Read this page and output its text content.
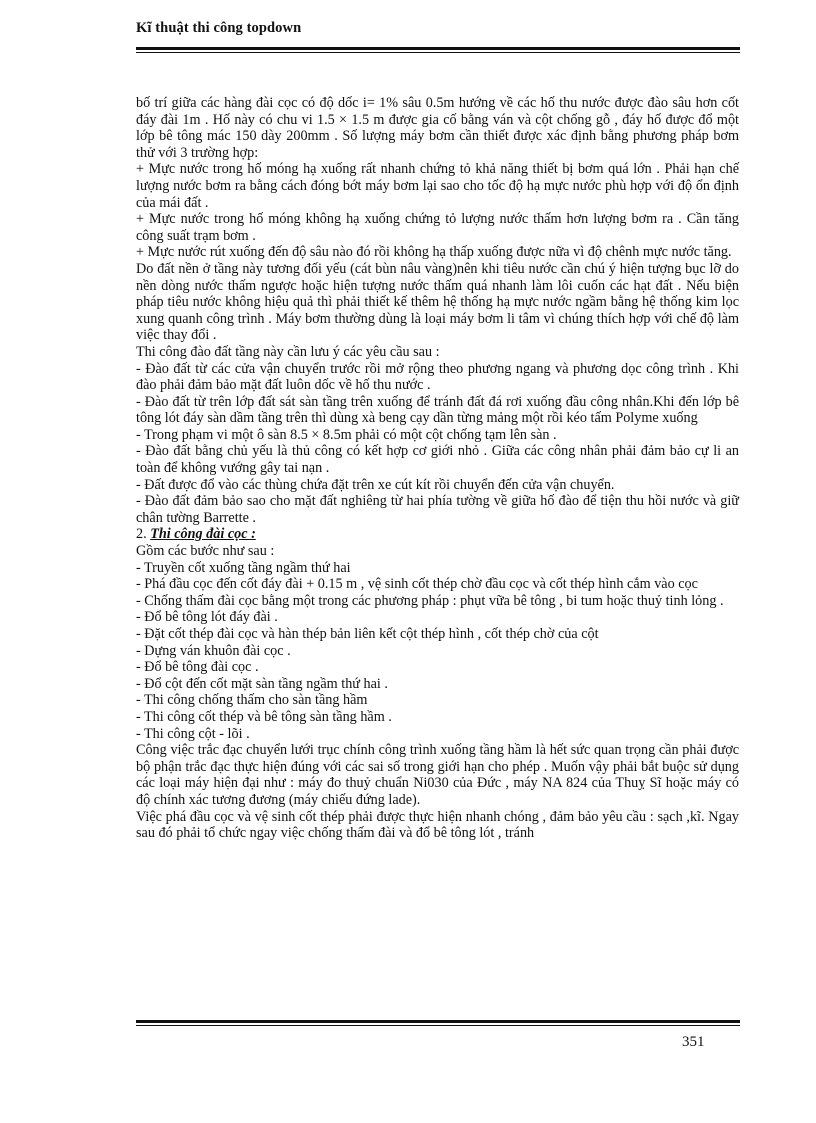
Kĩ thuật thi công topdown

bố trí giữa các hàng đài cọc có độ dốc i= 1% sâu 0.5m hướng về các hố thu nước được đào sâu hơn cốt đáy đài 1m . Hố này có chu vi 1.5 × 1.5 m được gia cố bằng ván và cột chống gỗ , đáy hố được đổ một lớp bê tông mác 150 dày 200mm . Số lượng máy bơm cần thiết được xác định bằng phương pháp bơm thử với 3 trường hợp:

+ Mực nước trong hố móng hạ xuống rất nhanh chứng tỏ khả năng thiết bị bơm quá lớn . Phải hạn chế lượng nước bơm ra bằng cách đóng bớt máy bơm lại sao cho tốc độ hạ mực nước phù hợp với độ ổn định của mái đất .

+ Mực nước trong hố móng không hạ xuống chứng tỏ lượng nước thấm hơn lượng bơm ra . Cần tăng công suất trạm bơm .

+ Mực nước rút xuống đến độ sâu nào đó rồi không hạ thấp xuống được nữa vì độ chênh mực nước tăng.

Do đất nền ở tầng này tương đối yếu (cát bùn nâu vàng)nên khi tiêu nước cần chú ý hiện tượng bục lỡ do nền dòng nước thấm ngược hoặc hiện tượng nước thấm quá nhanh làm lôi cuốn các hạt đất . Nếu biện pháp tiêu nước không hiệu quả thì phải thiết kế thêm hệ thống hạ mực nước ngầm bằng hệ thống kim lọc xung quanh công trình . Máy bơm thường dùng là loại máy bơm li tâm vì chúng thích hợp với chế độ làm việc thay đổi .

Thi công đào đất tầng này cần lưu ý các yêu cầu sau :

- Đào đất từ các cửa vận chuyển trước rồi mở rộng theo phương ngang và phương dọc công trình . Khi đào phải đảm bảo mặt đất luôn dốc về hố thu nước .

- Đào đất từ trên lớp đất sát sàn tầng trên xuống để tránh đất đá rơi xuống đầu công nhân.Khi đến lớp bê tông lót đáy sàn dầm tầng trên thì dùng xà beng cạy dần từng mảng một rồi kéo tấm Polyme xuống

- Trong phạm vi một ô sàn 8.5 × 8.5m phải có một cột chống tạm lên sàn .

- Đào đất bằng chủ yếu là thủ công có kết hợp cơ giới nhỏ . Giữa các công nhân phải đảm bảo cự li an toàn để không vướng gây tai nạn .

- Đất được đổ vào các thùng chứa đặt trên xe cút kít rồi chuyển đến cửa vận chuyển.

- Đào đất đảm bảo sao cho mặt đất nghiêng từ hai phía tường về giữa hố đào để tiện thu hồi nước và giữ chân tường Barrette .

2. Thi công đài cọc :

Gồm các bước như sau :

- Truyền cốt xuống tầng ngầm thứ hai

- Phá đầu cọc đến cốt đáy đài + 0.15 m , vệ sinh cốt thép chờ đầu cọc và cốt thép hình cắm vào cọc

- Chống thấm đài cọc bằng một trong các phương pháp : phụt vữa bê tông , bi tum hoặc thuỷ tinh lỏng .

- Đổ bê tông lót đáy đài .

- Đặt cốt thép đài cọc và hàn thép bản liên kết cột thép hình , cốt thép chờ của cột

- Dựng ván khuôn đài cọc .

- Đổ bê tông đài cọc .

- Đổ cột đến cốt mặt sàn tầng ngầm thứ hai .

- Thi công chống thấm cho sàn tầng hầm

- Thi công cốt thép và bê tông sàn tầng hầm .

- Thi công cột - lõi .

Công việc trắc đạc chuyển lưới trục chính công trình xuống tầng hầm là hết sức quan trọng cần phải được bộ phận trắc đạc thực hiện đúng với các sai số trong giới hạn cho phép . Muốn vậy phải bắt buộc sử dụng các loại máy hiện đại như : máy đo thuỷ chuẩn Ni030 của Đức , máy NA 824 của Thuỵ Sĩ hoặc máy có độ chính xác tương đương (máy chiếu đứng lade).

Việc phá đầu cọc và vệ sinh cốt thép phải được thực hiện nhanh chóng , đảm bảo yêu cầu : sạch ,kĩ. Ngay sau đó phải tổ chức ngay việc chống thấm đài và đổ bê tông lót , tránh

351
